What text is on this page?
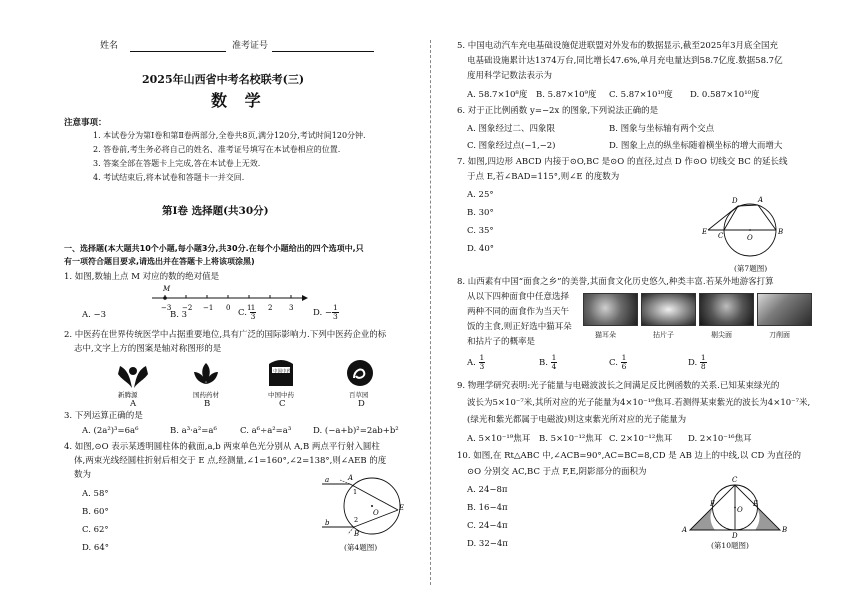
姓名	准考证号
2025年山西省中考名校联考(三)
数 学
注意事项：
1. 本试卷分为第Ⅰ卷和第Ⅱ卷两部分,全卷共8页,满分120分,考试时间120分钟.
2. 答卷前,考生务必将自己的姓名、准考证号填写在本试卷相应的位置.
3. 答案全部在答题卡上完成,答在本试卷上无效.
4. 考试结束后,将本试卷和答题卡一并交回.
第Ⅰ卷 选择题(共30分)
一、选择题(本大题共10个小题,每小题3分,共30分.在每个小题给出的四个选项中,只
有一项符合题目要求,请选出并在答题卡上将该项涂黑)
1. 如图,数轴上点 M 对应的数的绝对值是
M
−3 −2 −1 0 1 2 3
A. −3	B. 3	C. $\frac{1}{3}$	D. − $\frac{1}{3}$
2. 中医药在世界传统医学中占据重要地位,具有广泛的国际影响力.下列中医药企业的标
志中,文字上方的图案是轴对称图形的是
中国中药
新腾源	国药药材	中国中药	百草园
A	B	C	D
3. 下列运算正确的是
A. (2a²)³=6a⁶	B. a³·a²=a⁶	C. a⁶÷a²=a³	D. (−a+b)²=2ab+b²
4. 如图,⊙O 表示某透明圆柱体的截面,a,b 两束单色光分别从 A,B 两点平行射入圆柱
体,两束光线经圆柱折射后相交于 E 点,经测量,∠1=160°,∠2=138°,则∠AEB 的度
数为
A. 58°
B. 60°
C. 62°
D. 64°
a
b
A
B
E
O
1
2
(第4题图)
5. 中国电动汽车充电基础设施促进联盟对外发布的数据显示,截至2025年3月底全国充
电基础设施累计达1374万台,同比增长47.6%,单月充电量达到58.7亿度.数据58.7亿
度用科学记数法表示为
A. 58.7×10⁸度 B. 5.87×10⁹度 C. 5.87×10¹⁰度 D. 0.587×10¹⁰度
6. 对于正比例函数 y=−2x 的图象,下列说法正确的是
A. 图象经过二、四象限	B. 图象与坐标轴有两个交点
C. 图象经过点(−1,−2)	D. 图象上点的纵坐标随着横坐标的增大而增大
7. 如图,四边形 ABCD 内接于⊙O,BC 是⊙O 的直径,过点 D 作⊙O 切线交 BC 的延长线
于点 E,若∠BAD=115°,则∠E 的度数为
A. 25°
B. 30°
C. 35°
D. 40°
E C	B
D	A
O
(第7题图)
8. 山西素有中国“面食之乡”的美誉,其面食文化历史悠久,种类丰富.若某外地游客打算
从以下四种面食中任意选择
两种不同的面食作为当天午
饭的主食,则正好选中猫耳朵
和拈片子的概率是
猫耳朵	拈片子	剔尖面	刀削面
A. $\frac{1}{3}$	B. $\frac{1}{4}$	C. $\frac{1}{6}$	D. $\frac{1}{8}$
9. 物理学研究表明:光子能量与电磁波波长之间满足反比例函数的关系.已知某束绿光的
波长为5×10⁻⁷米,其所对应的光子能量为4×10⁻¹⁹焦耳.若测得某束紫光的波长为4×10⁻⁷米,
(绿光和紫光都属于电磁波)则这束紫光所对应的光子能量为
A. 5×10⁻¹⁹焦耳 B. 5×10⁻¹²焦耳 C. 2×10⁻¹²焦耳 D. 2×10⁻¹⁶焦耳
10. 如图,在 Rt△ABC 中,∠ACB=90°,AC=BC=8,CD 是 AB 边上的中线,以 CD 为直径的
⊙O 分别交 AC,BC 于点 F,E,阴影部分的面积为
A. 24−8π
B. 16−4π
C. 24−4π
D. 32−4π
A	B
C
D
E
F
O
(第10题图)
